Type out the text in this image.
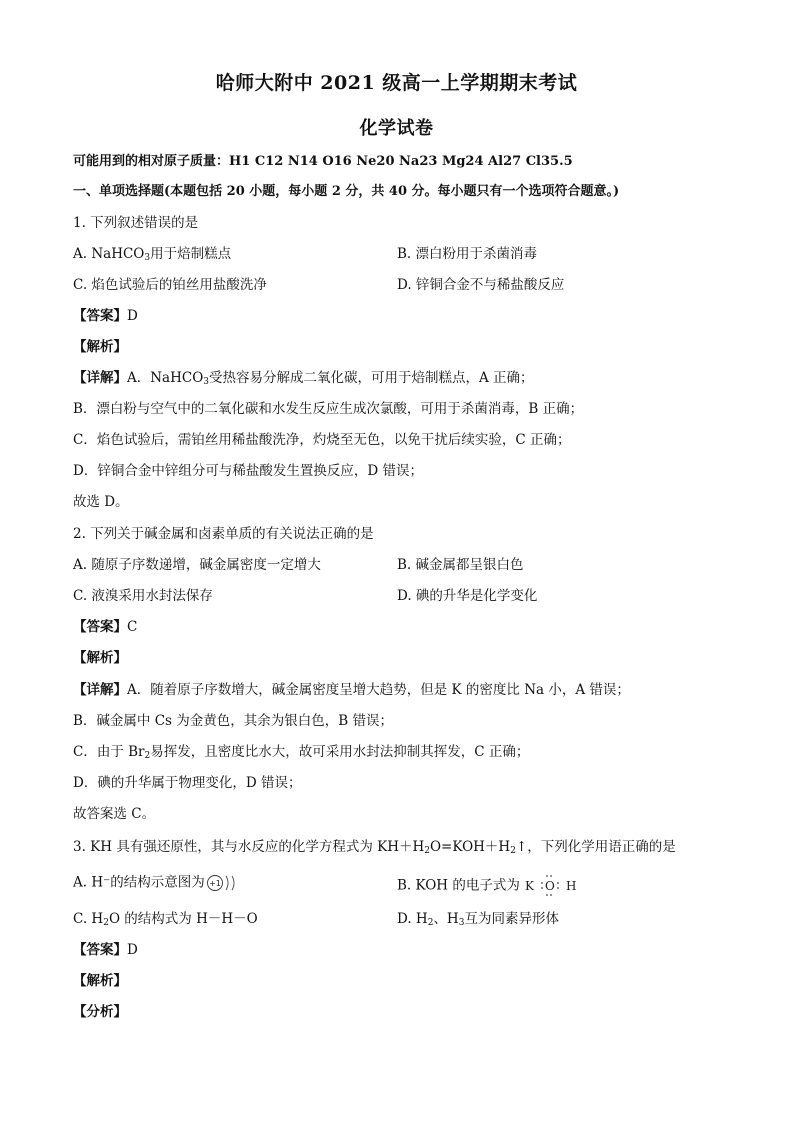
哈师大附中 2021 级高一上学期期末考试
化学试卷
可能用到的相对原子质量：H1 C12 N14 O16 Ne20 Na23 Mg24 Al27 Cl35.5
一、单项选择题(本题包括 20 小题，每小题 2 分，共 40 分。每小题只有一个选项符合题意。)
1. 下列叙述错误的是
A. NaHCO$_3$用于焙制糕点	B. 漂白粉用于杀菌消毒
C. 焰色试验后的铂丝用盐酸洗净	D. 锌铜合金不与稀盐酸反应
【答案】D
【解析】
【详解】A．NaHCO$_3$受热容易分解成二氧化碳，可用于焙制糕点，A 正确；
B．漂白粉与空气中的二氧化碳和水发生反应生成次氯酸，可用于杀菌消毒，B 正确；
C．焰色试验后，需铂丝用稀盐酸洗净，灼烧至无色，以免干扰后续实验，C 正确；
D．锌铜合金中锌组分可与稀盐酸发生置换反应，D 错误；
故选 D。
2. 下列关于碱金属和卤素单质的有关说法正确的是
A. 随原子序数递增，碱金属密度一定增大	B. 碱金属都呈银白色
C. 液溴采用水封法保存	D. 碘的升华是化学变化
【答案】C
【解析】
【详解】A．随着原子序数增大，碱金属密度呈增大趋势，但是 K 的密度比 Na 小，A 错误；
B．碱金属中 Cs 为金黄色，其余为银白色，B 错误；
C．由于 $Br_2$易挥发，且密度比水大，故可采用水封法抑制其挥发，C 正确；
D．碘的升华属于物理变化，D 错误；
故答案选 C。
3. KH 具有强还原性，其与水反应的化学方程式为 $KH+H_2O=KOH+H_2↑$，下列化学用语正确的是
A. H⁻的结构示意图为 +1	B. KOH 的电子式为 K O H
C. $H_2O$ 的结构式为 H－H－O	D. $H_2$、$H_3$互为同素异形体
【答案】D
【解析】
【分析】
